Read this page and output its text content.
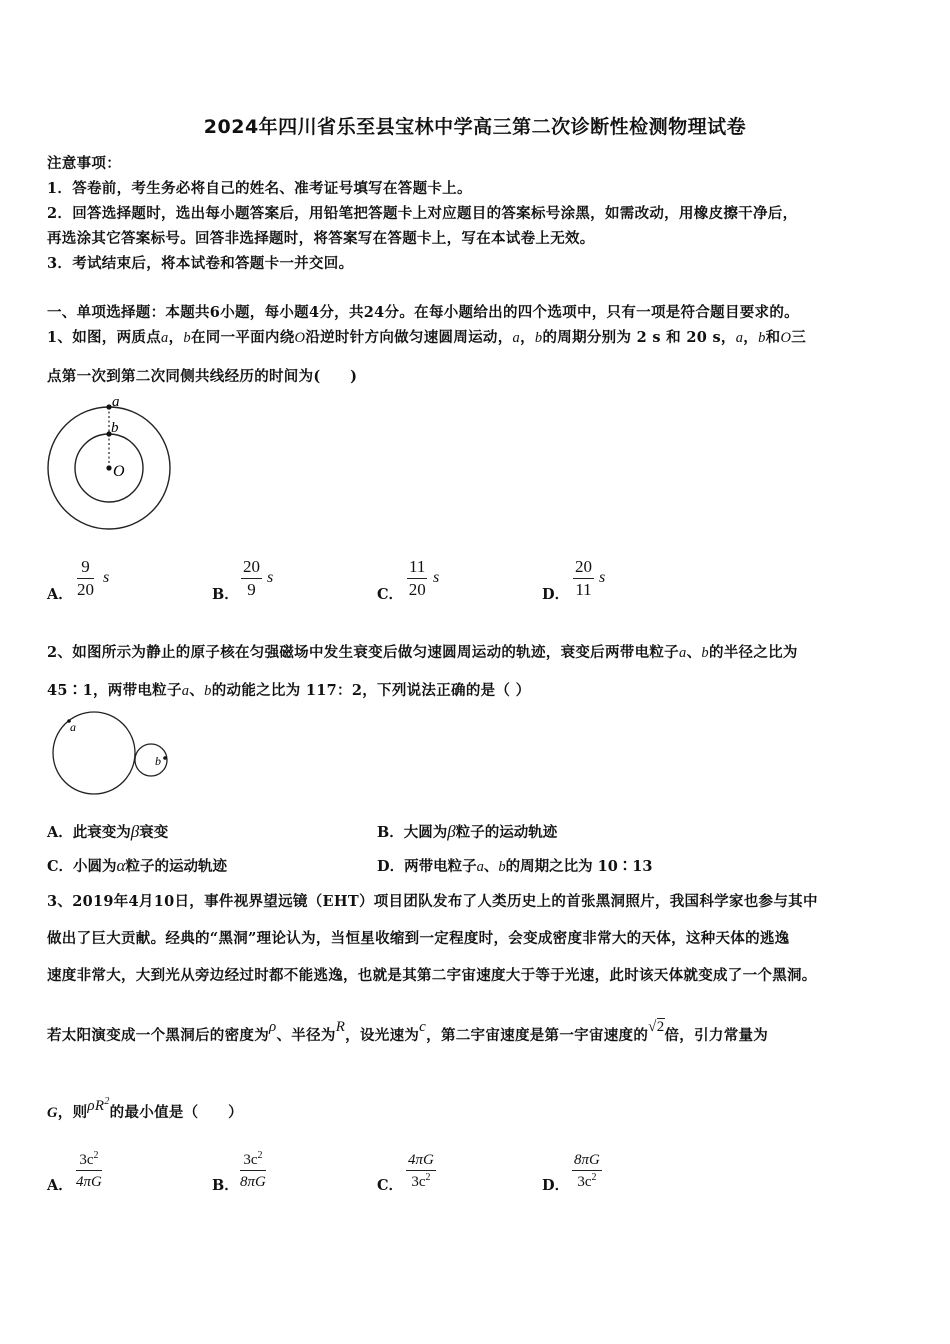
2024年四川省乐至县宝林中学高三第二次诊断性检测物理试卷
注意事项：
1．答卷前，考生务必将自己的姓名、准考证号填写在答题卡上。
2．回答选择题时，选出每小题答案后，用铅笔把答题卡上对应题目的答案标号涂黑，如需改动，用橡皮擦干净后，
再选涂其它答案标号。回答非选择题时，将答案写在答题卡上，写在本试卷上无效。
3．考试结束后，将本试卷和答题卡一并交回。
一、单项选择题：本题共6小题，每小题4分，共24分。在每小题给出的四个选项中，只有一项是符合题目要求的。
1、如图，两质点a，b在同一平面内绕O沿逆时针方向做匀速圆周运动，a，b的周期分别为 2 s 和 20 s，a，b和O三
点第一次到第二次同侧共线经历的时间为(　　)
a
b
O
A． $\frac{9}{20}$ s
B． $\frac{20}{9}$ s
C． $\frac{11}{20}$ s
D． $\frac{20}{11}$ s
2、如图所示为静止的原子核在匀强磁场中发生衰变后做匀速圆周运动的轨迹，衰变后两带电粒子a、b的半径之比为
45∶1，两带电粒子a、b的动能之比为 117：2，下列说法正确的是（ ）
a
b
A．此衰变为β衰变	B．大圆为β粒子的运动轨迹
C．小圆为α粒子的运动轨迹	D．两带电粒子a、b的周期之比为 10∶13
3、2019年4月10日，事件视界望远镜（EHT）项目团队发布了人类历史上的首张黑洞照片，我国科学家也参与其中
做出了巨大贡献。经典的“黑洞”理论认为，当恒星收缩到一定程度时，会变成密度非常大的天体，这种天体的逃逸
速度非常大，大到光从旁边经过时都不能逃逸，也就是其第二宇宙速度大于等于光速，此时该天体就变成了一个黑洞。
若太阳演变成一个黑洞后的密度为ρ、半径为R，设光速为c，第二宇宙速度是第一宇宙速度的√2倍，引力常量为
G，则$\rho R^2$的最小值是（　　）
A． $\frac{3c^2}{4\pi G}$	B． $\frac{3c^2}{8\pi G}$	C． $\frac{4\pi G}{3c^2}$	D． $\frac{8\pi G}{3c^2}$
